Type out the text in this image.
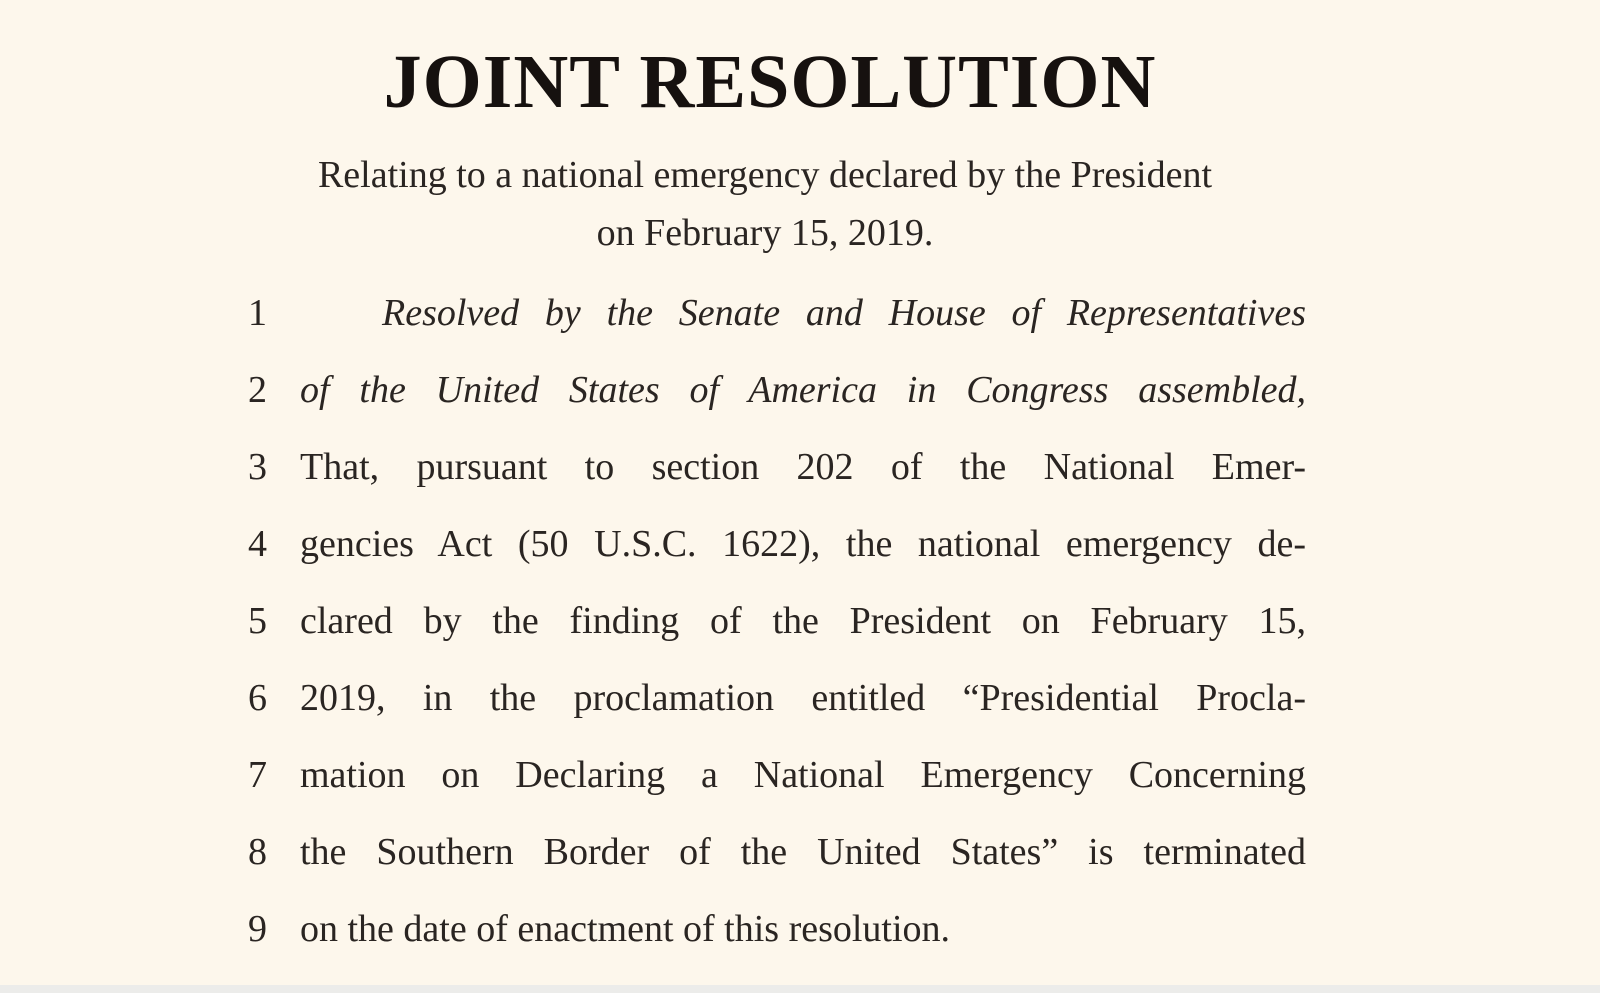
JOINT RESOLUTION
Relating to a national emergency declared by the President
on February 15, 2019.
1	Resolved by the Senate and House of Representatives
2 of the United States of America in Congress assembled,
3 That, pursuant to section 202 of the National Emer-
4 gencies Act (50 U.S.C. 1622), the national emergency de-
5 clared by the finding of the President on February 15,
6 2019, in the proclamation entitled “Presidential Procla-
7 mation on Declaring a National Emergency Concerning
8 the Southern Border of the United States” is terminated
9 on the date of enactment of this resolution.
